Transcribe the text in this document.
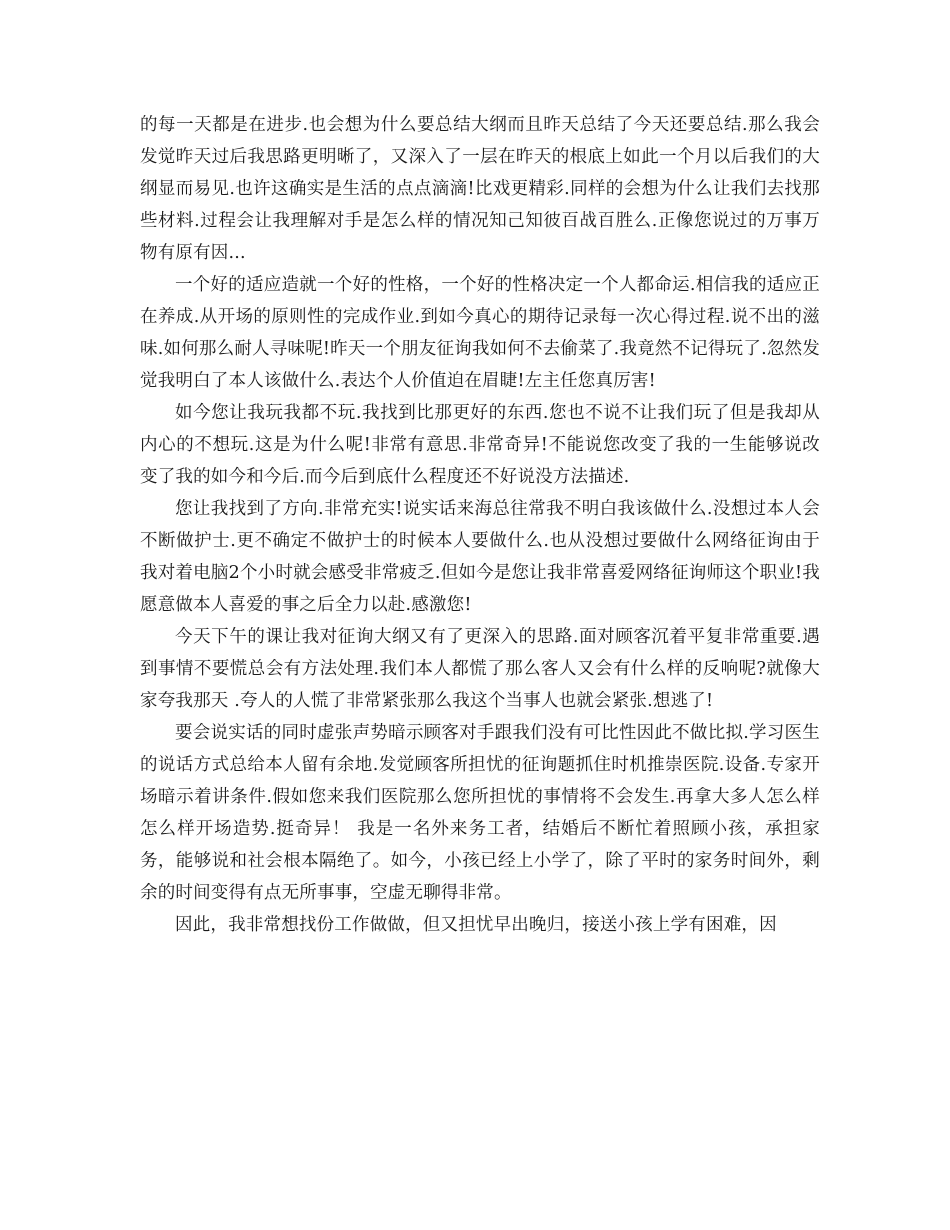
的每一天都是在进步.也会想为什么要总结大纲而且昨天总结了今天还要总结.那么我会发觉昨天过后我思路更明晰了，又深入了一层在昨天的根底上如此一个月以后我们的大纲显而易见.也许这确实是生活的点点滴滴!比戏更精彩.同样的会想为什么让我们去找那些材料.过程会让我理解对手是怎么样的情况知己知彼百战百胜么.正像您说过的万事万物有原有因...

一个好的适应造就一个好的性格，一个好的性格决定一个人都命运.相信我的适应正在养成.从开场的原则性的完成作业.到如今真心的期待记录每一次心得过程.说不出的滋味.如何那么耐人寻味呢!昨天一个朋友征询我如何不去偷菜了.我竟然不记得玩了.忽然发觉我明白了本人该做什么.表达个人价值迫在眉睫!左主任您真厉害!

如今您让我玩我都不玩.我找到比那更好的东西.您也不说不让我们玩了但是我却从内心的不想玩.这是为什么呢!非常有意思.非常奇异!不能说您改变了我的一生能够说改变了我的如今和今后.而今后到底什么程度还不好说没方法描述.

您让我找到了方向.非常充实!说实话来海总往常我不明白我该做什么.没想过本人会不断做护士.更不确定不做护士的时候本人要做什么.也从没想过要做什么网络征询由于我对着电脑2个小时就会感受非常疲乏.但如今是您让我非常喜爱网络征询师这个职业!我愿意做本人喜爱的事之后全力以赴.感激您!

今天下午的课让我对征询大纲又有了更深入的思路.面对顾客沉着平复非常重要.遇到事情不要慌总会有方法处理.我们本人都慌了那么客人又会有什么样的反响呢?就像大家夸我那天 .夸人的人慌了非常紧张那么我这个当事人也就会紧张.想逃了!

要会说实话的同时虚张声势暗示顾客对手跟我们没有可比性因此不做比拟.学习医生的说话方式总给本人留有余地.发觉顾客所担忧的征询题抓住时机推崇医院.设备.专家开场暗示着讲条件.假如您来我们医院那么您所担忧的事情将不会发生.再拿大多人怎么样怎么样开场造势.挺奇异！ 我是一名外来务工者，结婚后不断忙着照顾小孩，承担家务，能够说和社会根本隔绝了。如今，小孩已经上小学了，除了平时的家务时间外，剩余的时间变得有点无所事事，空虚无聊得非常。

因此，我非常想找份工作做做，但又担忧早出晚归，接送小孩上学有困难，因
